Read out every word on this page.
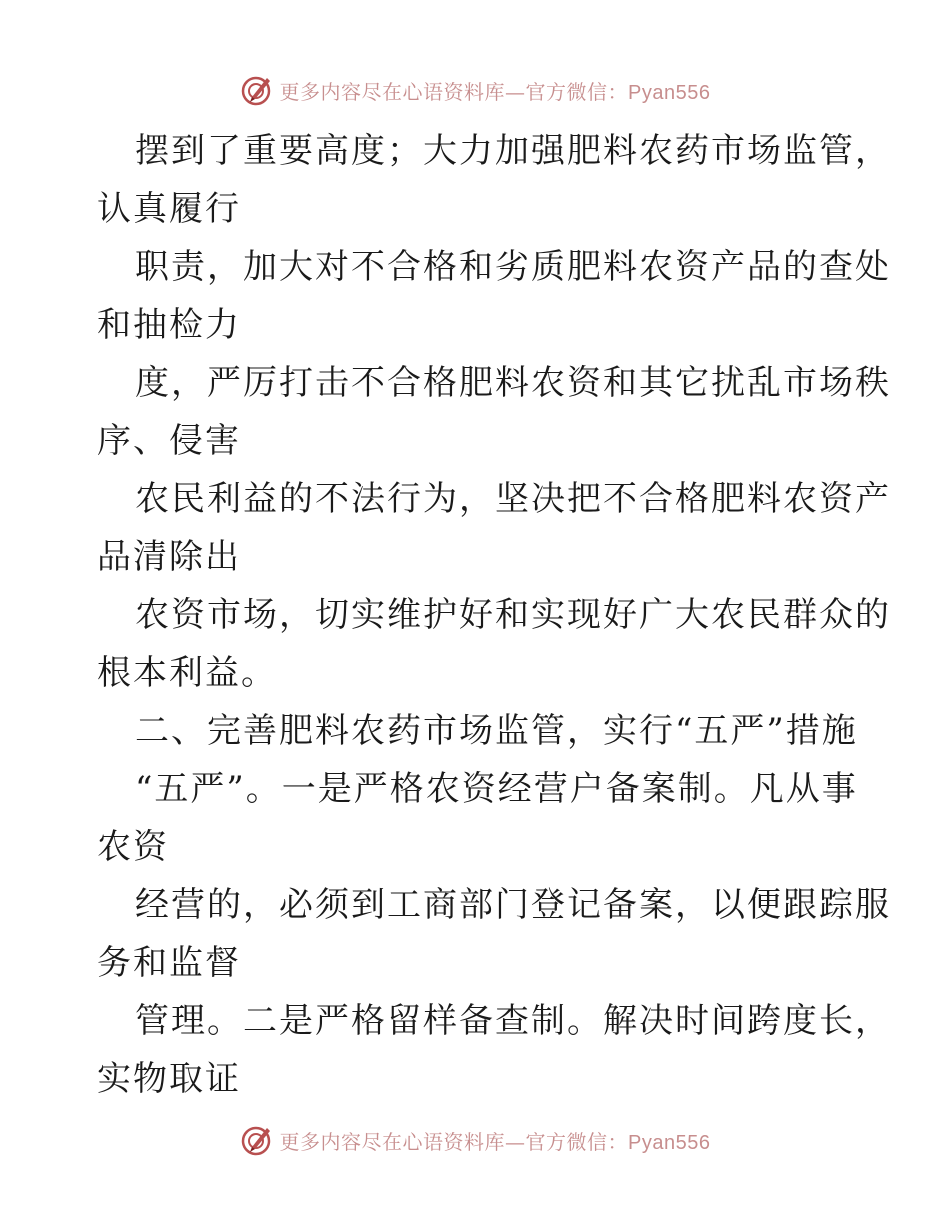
更多内容尽在心语资料库—官方微信：Pyan556
摆到了重要高度；大力加强肥料农药市场监管，
认真履行
职责，加大对不合格和劣质肥料农资产品的查处
和抽检力
度，严厉打击不合格肥料农资和其它扰乱市场秩
序、侵害
农民利益的不法行为，坚决把不合格肥料农资产
品清除出
农资市场，切实维护好和实现好广大农民群众的
根本利益。
二、完善肥料农药市场监管，实行“五严”措施
“五严”。一是严格农资经营户备案制。凡从事
农资
经营的，必须到工商部门登记备案，以便跟踪服
务和监督
管理。二是严格留样备查制。解决时间跨度长，
实物取证
更多内容尽在心语资料库—官方微信：Pyan556
